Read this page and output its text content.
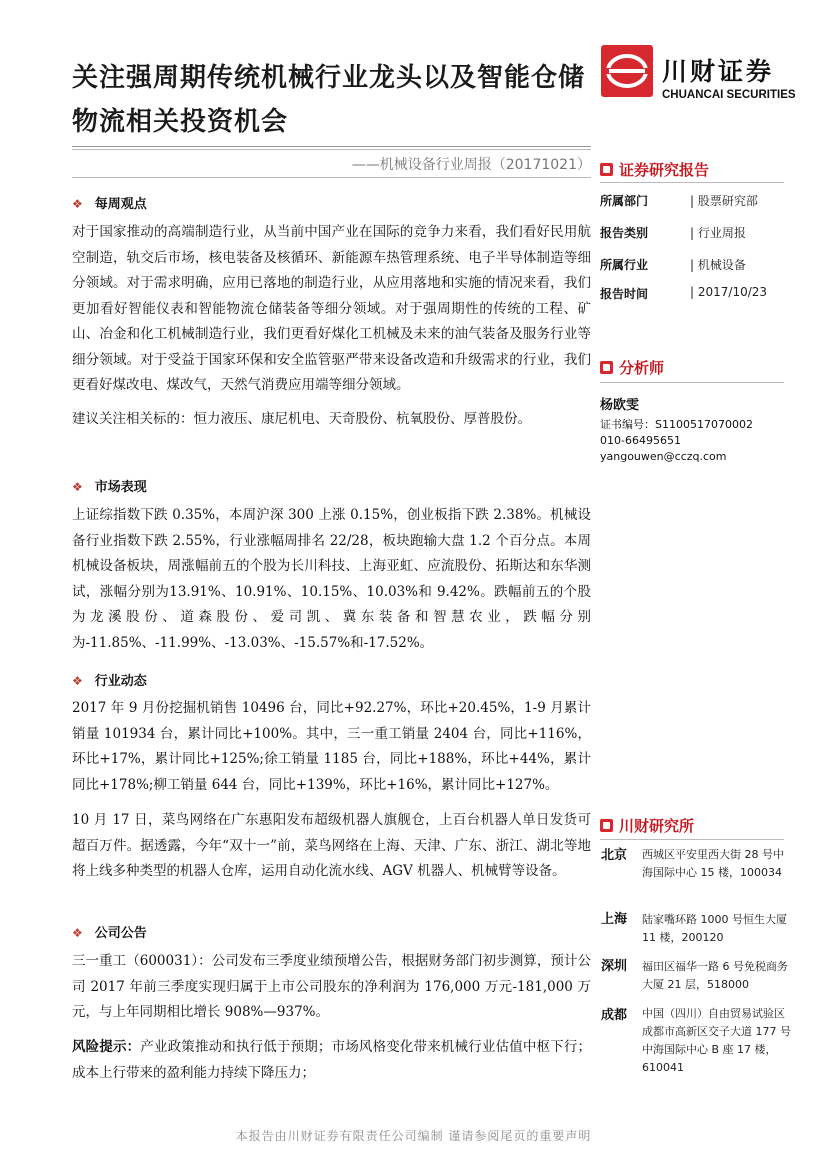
关注强周期传统机械行业龙头以及智能仓储物流相关投资机会
川财证券
CHUANCAI SECURITIES
——机械设备行业周报（20171021）
❖ 每周观点

对于国家推动的高端制造行业，从当前中国产业在国际的竞争力来看，我们看好民用航空制造，轨交后市场，核电装备及核循环、新能源车热管理系统、电子半导体制造等细分领域。对于需求明确，应用已落地的制造行业，从应用落地和实施的情况来看，我们更加看好智能仪表和智能物流仓储装备等细分领域。对于强周期性的传统的工程、矿山、冶金和化工机械制造行业，我们更看好煤化工机械及未来的油气装备及服务行业等细分领域。对于受益于国家环保和安全监管驱严带来设备改造和升级需求的行业，我们更看好煤改电、煤改气，天然气消费应用端等细分领域。

建议关注相关标的：恒力液压、康尼机电、天奇股份、杭氧股份、厚普股份。

❖ 市场表现

上证综指数下跌 0.35%，本周沪深 300 上涨 0.15%，创业板指下跌 2.38%。机械设备行业指数下跌 2.55%，行业涨幅周排名 22/28，板块跑输大盘 1.2 个百分点。本周机械设备板块，周涨幅前五的个股为长川科技、上海亚虹、应流股份、拓斯达和东华测试，涨幅分别为13.91%、10.91%、10.15%、10.03%和 9.42%。跌幅前五的个股为龙溪股份、道森股份、爱司凯、冀东装备和智慧农业，跌幅分别为-11.85%、-11.99%、-13.03%、-15.57%和-17.52%。

❖ 行业动态

2017 年 9 月份挖掘机销售 10496 台，同比+92.27%，环比+20.45%，1-9 月累计销量 101934 台，累计同比+100%。其中，三一重工销量 2404 台，同比+116%，环比+17%，累计同比+125%;徐工销量 1185 台，同比+188%，环比+44%，累计同比+178%;柳工销量 644 台，同比+139%，环比+16%，累计同比+127%。

10 月 17 日，菜鸟网络在广东惠阳发布超级机器人旗舰仓，上百台机器人单日发货可超百万件。据透露，今年“双十一”前，菜鸟网络在上海、天津、广东、浙江、湖北等地将上线多种类型的机器人仓库，运用自动化流水线、AGV 机器人、机械臂等设备。

❖ 公司公告

三一重工（600031）：公司发布三季度业绩预增公告，根据财务部门初步测算，预计公司 2017 年前三季度实现归属于上市公司股东的净利润为 176,000 万元-181,000 万元，与上年同期相比增长 908%—937%。

风险提示：产业政策推动和执行低于预期；市场风格变化带来机械行业估值中枢下行；成本上行带来的盈利能力持续下降压力；

证券研究报告
所属部门	| 股票研究部
报告类别	| 行业周报
所属行业	| 机械设备
报告时间	| 2017/10/23
分析师
杨欧雯
证书编号：S1100517070002
010-66495651
yangouwen@cczq.com
川财研究所
北京 西城区平安里西大街 28 号中海国际中心 15 楼，100034
上海 陆家嘴环路 1000 号恒生大厦 11 楼，200120
深圳 福田区福华一路 6 号免税商务大厦 21 层，518000
成都 中国（四川）自由贸易试验区成都市高新区交子大道 177 号中海国际中心 B 座 17 楼，610041
本报告由川财证券有限责任公司编制 谨请参阅尾页的重要声明
